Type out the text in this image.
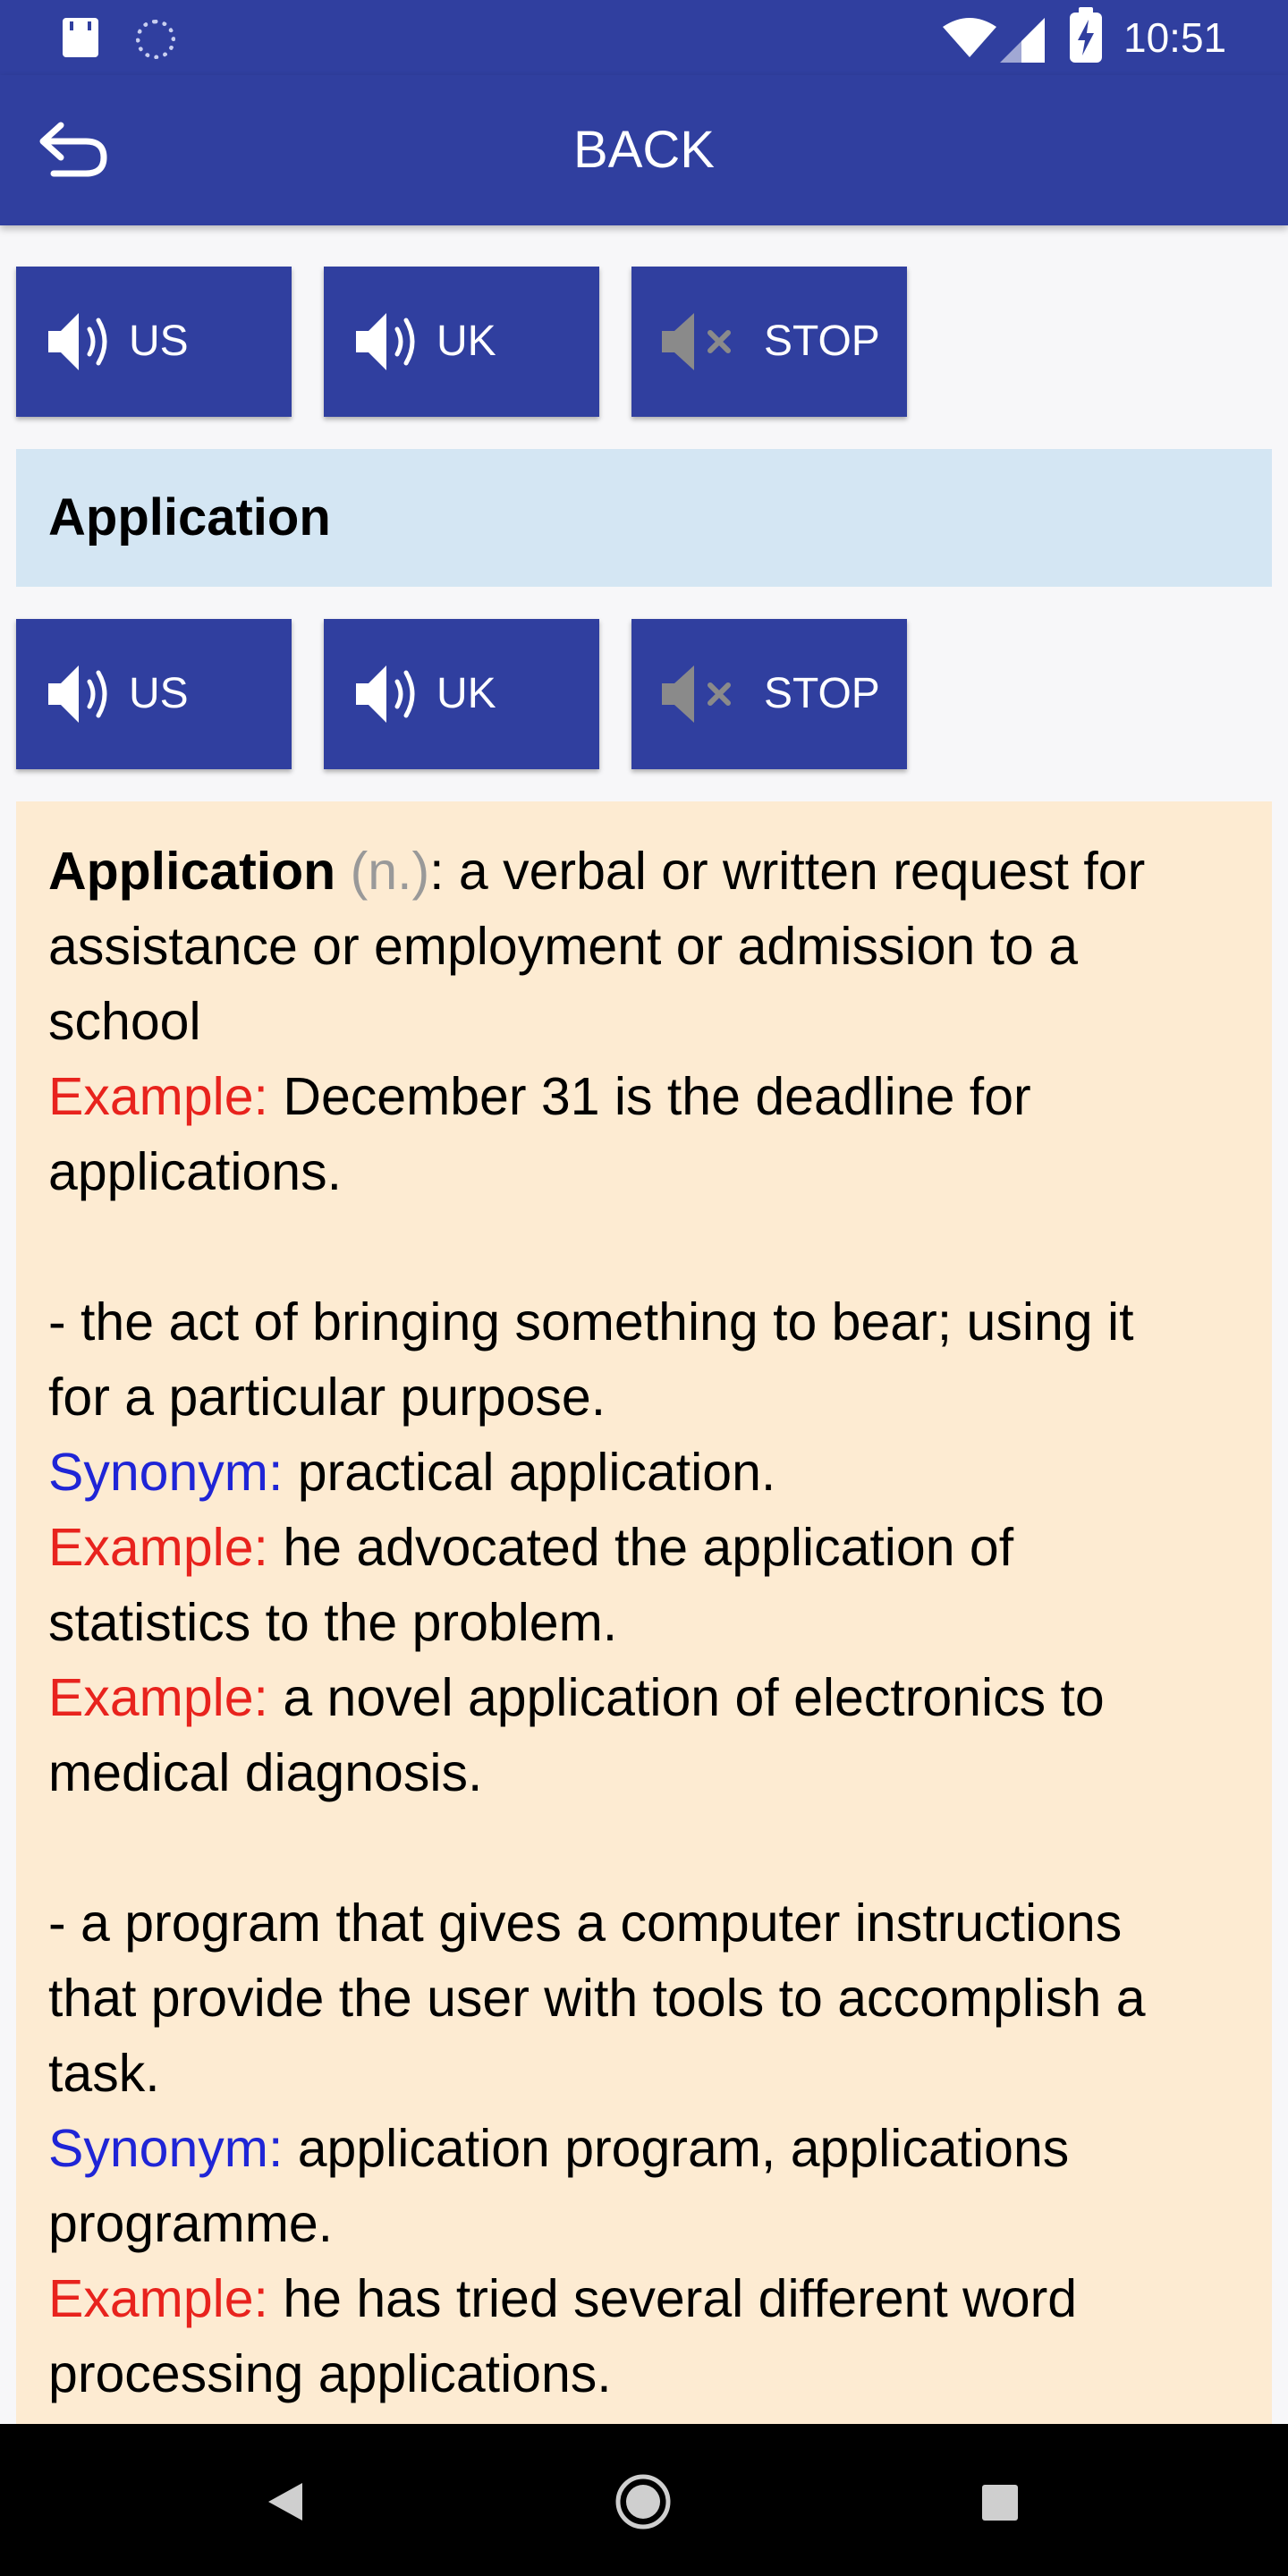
10:51
BACK
US	UK	STOP
Application
US	UK	STOP
Application (n.): a verbal or written request for
assistance or employment or admission to a
school
Example: December 31 is the deadline for
applications.
- the act of bringing something to bear; using it
for a particular purpose.
Synonym: practical application.
Example: he advocated the application of
statistics to the problem.
Example: a novel application of electronics to
medical diagnosis.
- a program that gives a computer instructions
that provide the user with tools to accomplish a
task.
Synonym: application program, applications
programme.
Example: he has tried several different word
processing applications.
